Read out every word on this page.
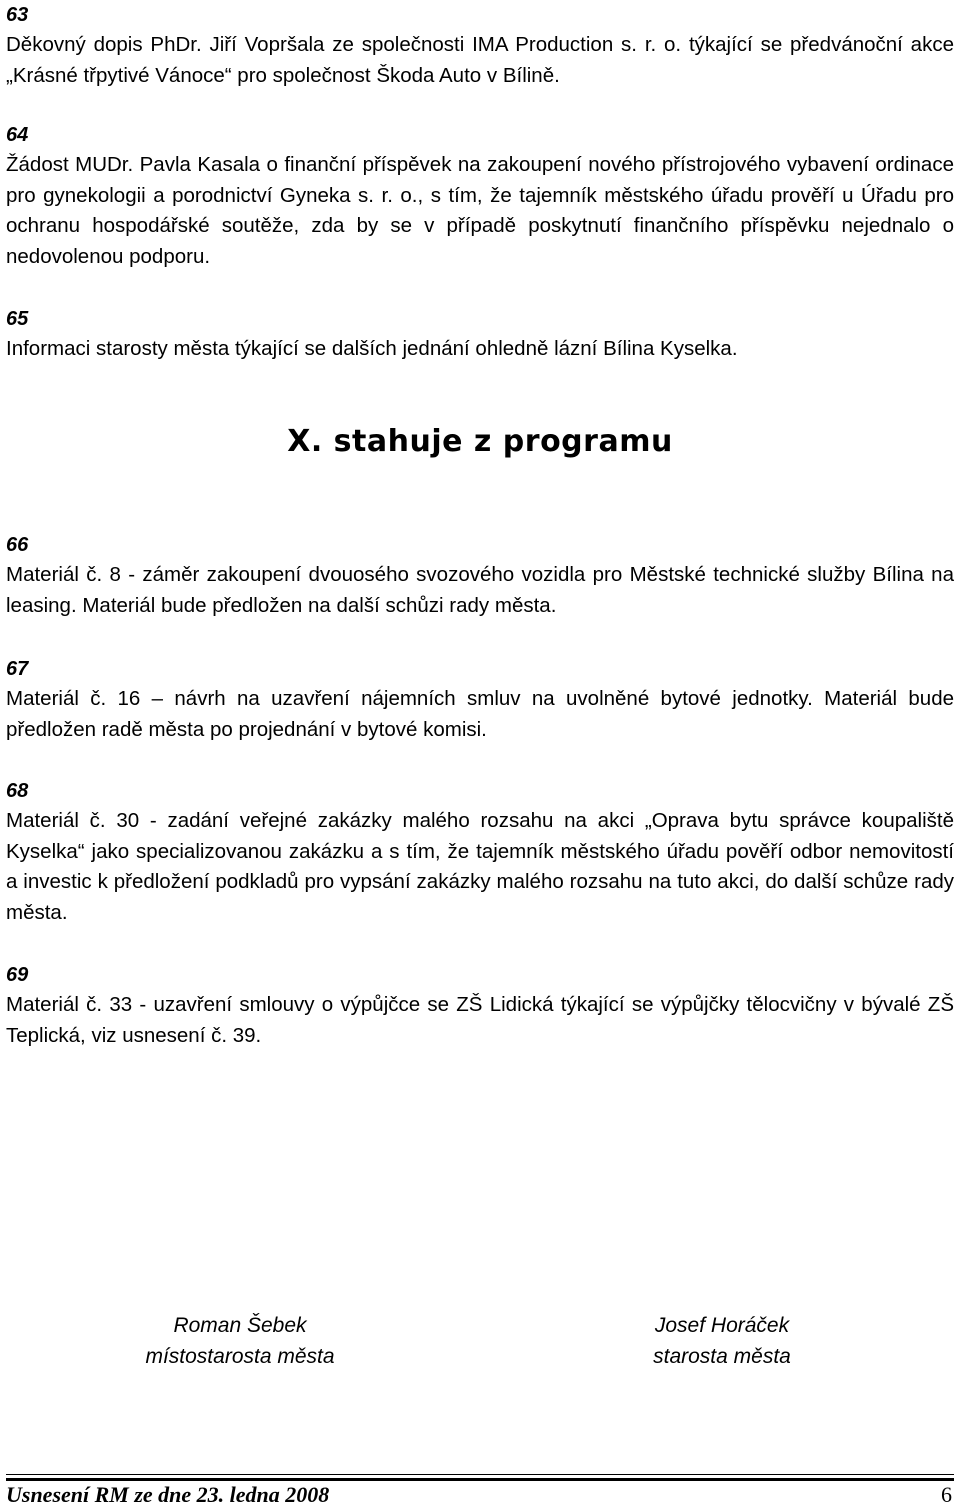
63

Děkovný dopis PhDr. Jiří Vopršala ze společnosti IMA Production s. r. o. týkající se předvánoční akce „Krásné třpytivé Vánoce“ pro společnost Škoda Auto v Bílině.

64

Žádost MUDr. Pavla Kasala o finanční příspěvek na zakoupení nového přístrojového vybavení ordinace pro gynekologii a porodnictví Gyneka s. r. o., s tím, že tajemník městského úřadu prověří u Úřadu pro ochranu hospodářské soutěže, zda by se v případě poskytnutí finančního příspěvku nejednalo o nedovolenou podporu.

65

Informaci starosty města týkající se dalších jednání ohledně lázní Bílina Kyselka.

X. stahuje z programu

66

Materiál č. 8 - záměr zakoupení dvouosého svozového vozidla pro Městské technické služby Bílina na leasing. Materiál bude předložen na další schůzi rady města.

67

Materiál č. 16 – návrh na uzavření nájemních smluv na uvolněné bytové jednotky. Materiál bude předložen radě města po projednání v bytové komisi.

68

Materiál č. 30 - zadání veřejné zakázky malého rozsahu na akci „Oprava bytu správce koupaliště Kyselka“ jako specializovanou zakázku a s tím, že tajemník městského úřadu pověří odbor nemovitostí a investic k předložení podkladů pro vypsání zakázky malého rozsahu na tuto akci, do další schůze rady města.

69

Materiál č. 33 - uzavření smlouvy o výpůjčce se ZŠ Lidická týkající se výpůjčky tělocvičny v bývalé ZŠ Teplická, viz usnesení č. 39.

Roman Šebek
místostarosta města
Josef Horáček
starosta města
Usnesení RM ze dne 23. ledna 2008	6
